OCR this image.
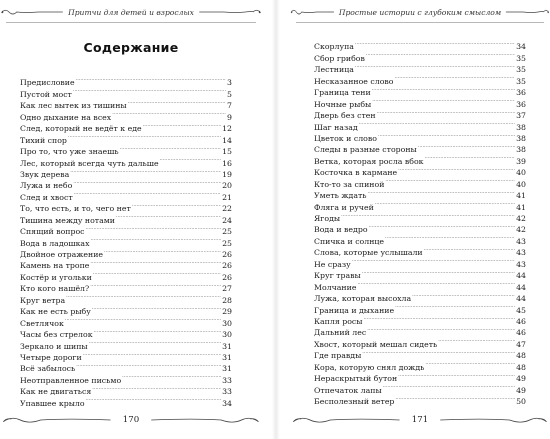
Притчи для детей и взрослых
Содержание
Предисловие . . .	3
Пустой мост . . .	5
Как лес вытек из тишины . . .	7
Одно дыхание на всех . . .	9
След, который не ведёт к еде . . .	12
Тихий спор . . .	14
Про то, что уже знаешь . . .	15
Лес, который всегда чуть дальше . . .	16
Звук дерева . . .	19
Лужа и небо . . .	20
След и хвост . . .	21
То, что есть, и то, чего нет . . .	22
Тишина между нотами . . .	24
Спящий вопрос . . .	25
Вода в ладошках . . .	25
Двойное отражение . . .	26
Камень на тропе . . .	26
Костёр и угольки . . .	26
Кто кого нашёл? . . .	27
Круг ветра . . .	28
Как не есть рыбу . . .	29
Светлячок . . .	30
Часы без стрелок . . .	30
Зеркало и шипы . . .	31
Четыре дороги . . .	31
Всё забылось . . .	31
Неотправленное письмо . . .	33
Как не двигаться . . .	33
Упавшее крыло . . .	34
170
Простые истории с глубоким смыслом
Скорлупа . . .	34
Сбор грибов . . .	35
Лестница . . .	35
Несказанное слово . . .	35
Граница тени . . .	36
Ночные рыбы . . .	36
Дверь без стен . . .	37
Шаг назад . . .	38
Цветок и слово . . .	38
Следы в разные стороны . . .	38
Ветка, которая росла вбок . . .	39
Косточка в кармане . . .	40
Кто-то за спиной . . .	40
Уметь ждать . . .	41
Фляга и ручей . . .	41
Ягоды . . .	42
Вода и ведро . . .	42
Спичка и солнце . . .	43
Слова, которые услышали . . .	43
Не сразу . . .	43
Круг травы . . .	44
Молчание . . .	44
Лужа, которая высохла . . .	44
Граница и дыхание . . .	45
Капля росы . . .	46
Дальний лес . . .	46
Хвост, который мешал сидеть . . .	47
Где правды . . .	48
Кора, которую снял дождь . . .	48
Нераскрытый бутон . . .	49
Отпечаток лапы . . .	49
Бесполезный ветер . . .	50
171
